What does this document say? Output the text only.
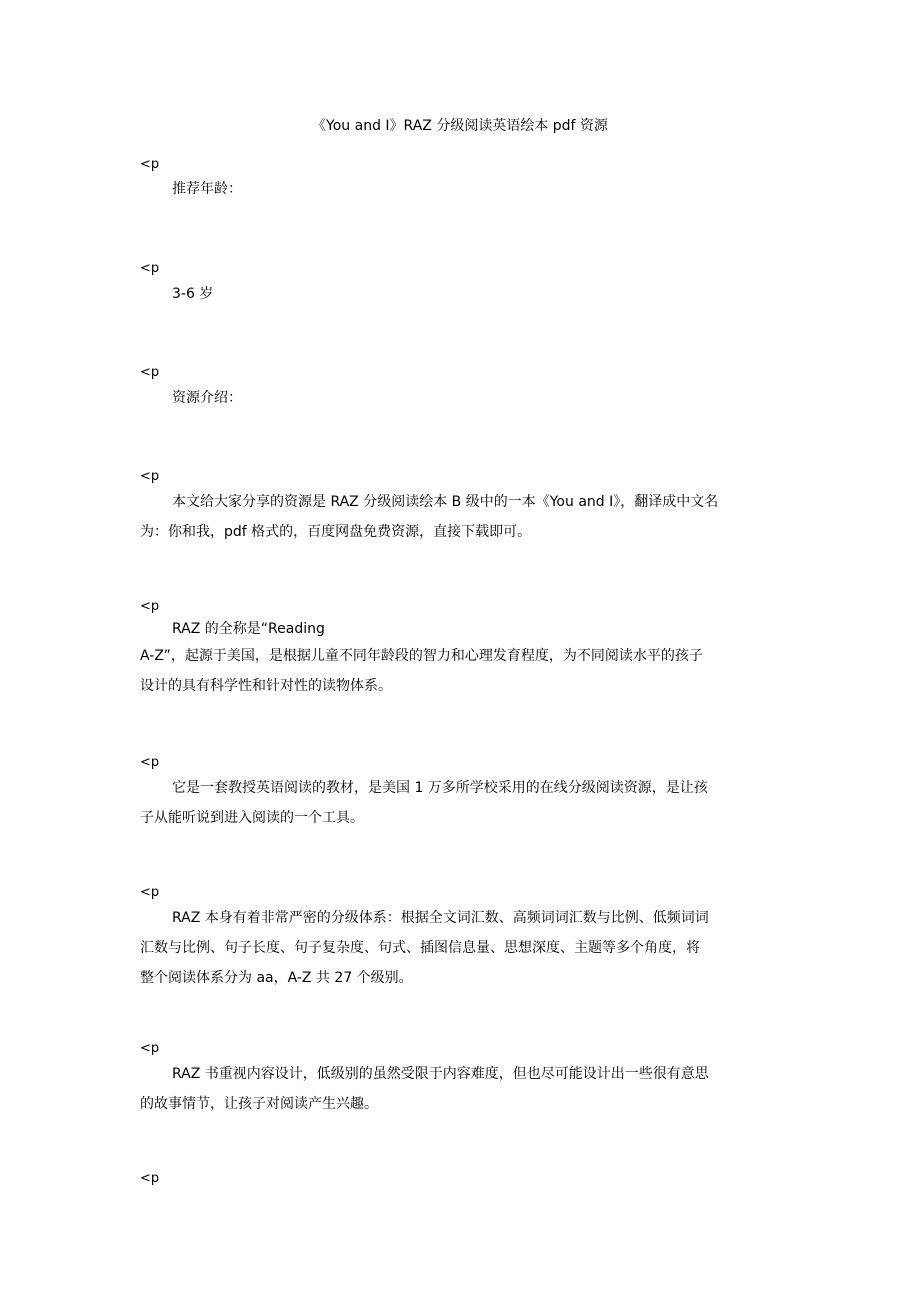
《You and I》RAZ 分级阅读英语绘本 pdf 资源
<p
推荐年龄：
<p
3-6 岁
<p
资源介绍：
<p
本文给大家分享的资源是 RAZ 分级阅读绘本 B 级中的一本《You and I》，翻译成中文名
为：你和我，pdf 格式的，百度网盘免费资源，直接下载即可。
<p
RAZ 的全称是“Reading
A-Z”，起源于美国，是根据儿童不同年龄段的智力和心理发育程度，为不同阅读水平的孩子
设计的具有科学性和针对性的读物体系。
<p
它是一套教授英语阅读的教材，是美国 1 万多所学校采用的在线分级阅读资源，是让孩
子从能听说到进入阅读的一个工具。
<p
RAZ 本身有着非常严密的分级体系：根据全文词汇数、高频词词汇数与比例、低频词词
汇数与比例、句子长度、句子复杂度、句式、插图信息量、思想深度、主题等多个角度，将
整个阅读体系分为 aa，A-Z 共 27 个级别。
<p
RAZ 书重视内容设计，低级别的虽然受限于内容难度，但也尽可能设计出一些很有意思
的故事情节，让孩子对阅读产生兴趣。
<p
